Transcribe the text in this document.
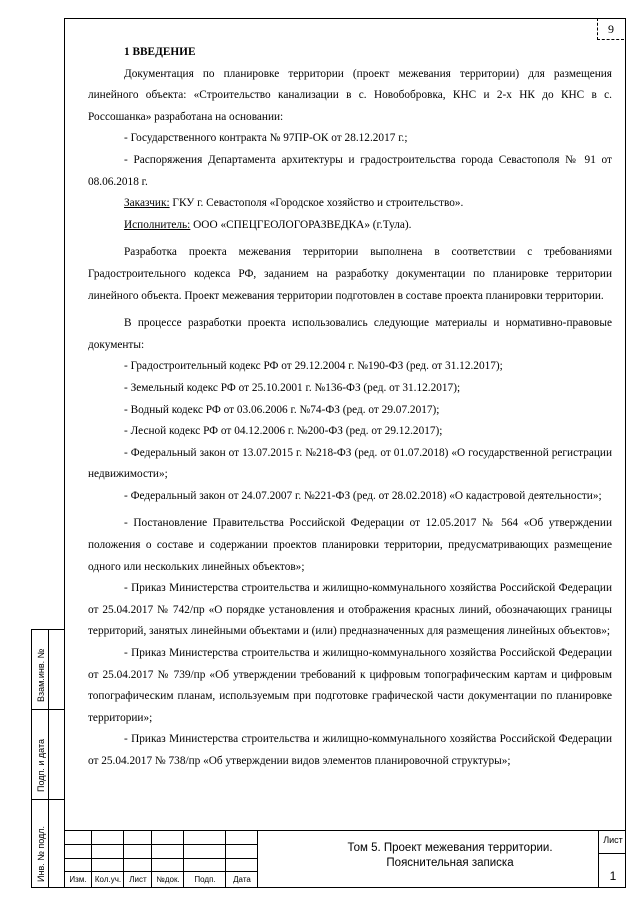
9

1 ВВЕДЕНИЕ

Документация по планировке территории (проект межевания территории) для размещения линейного объекта: «Строительство канализации в с. Новобобровка, КНС и 2-х НК до КНС в с. Россошанка» разработана на основании:

- Государственного контракта № 97ПР-ОК от 28.12.2017 г.;

- Распоряжения Департамента архитектуры и градостроительства города Севастополя № 91 от 08.06.2018 г.

Заказчик: ГКУ г. Севастополя «Городское хозяйство и строительство».

Исполнитель: ООО «СПЕЦГЕОЛОГОРАЗВЕДКА» (г.Тула).

Разработка проекта межевания территории выполнена в соответствии с требованиями Градостроительного кодекса РФ, заданием на разработку документации по планировке территории линейного объекта. Проект межевания территории подготовлен в составе проекта планировки территории.

В процессе разработки проекта использовались следующие материалы и нормативно-правовые документы:

- Градостроительный кодекс РФ от 29.12.2004 г. №190-ФЗ (ред. от 31.12.2017);

- Земельный кодекс РФ от 25.10.2001 г. №136-ФЗ (ред. от 31.12.2017);

- Водный кодекс РФ от 03.06.2006 г. №74-ФЗ (ред. от 29.07.2017);

- Лесной кодекс РФ от 04.12.2006 г. №200-ФЗ (ред. от 29.12.2017);

- Федеральный закон от 13.07.2015 г. №218-ФЗ (ред. от 01.07.2018) «О государственной регистрации недвижимости»;

- Федеральный закон от 24.07.2007 г. №221-ФЗ (ред. от 28.02.2018) «О кадастровой деятельности»;

- Постановление Правительства Российской Федерации от 12.05.2017 № 564 «Об утверждении положения о составе и содержании проектов планировки территории, предусматривающих размещение одного или нескольких линейных объектов»;

- Приказ Министерства строительства и жилищно-коммунального хозяйства Российской Федерации от 25.04.2017 № 742/пр «О порядке установления и отображения красных линий, обозначающих границы территорий, занятых линейными объектами и (или) предназначенных для размещения линейных объектов»;

- Приказ Министерства строительства и жилищно-коммунального хозяйства Российской Федерации от 25.04.2017 № 739/пр «Об утверждении требований к цифровым топографическим картам и цифровым топографическим планам, используемым при подготовке графической части документации по планировке территории»;

- Приказ Министерства строительства и жилищно-коммунального хозяйства Российской Федерации от 25.04.2017 № 738/пр «Об утверждении видов элементов планировочной структуры»;

Взам.инв. №
Подп. и дата
Инв. № подл.	Изм.	Кол.уч.	Лист	№док.	Подп.	Дата
Том 5. Проект межевания территории.
Пояснительная записка
Лист
1
